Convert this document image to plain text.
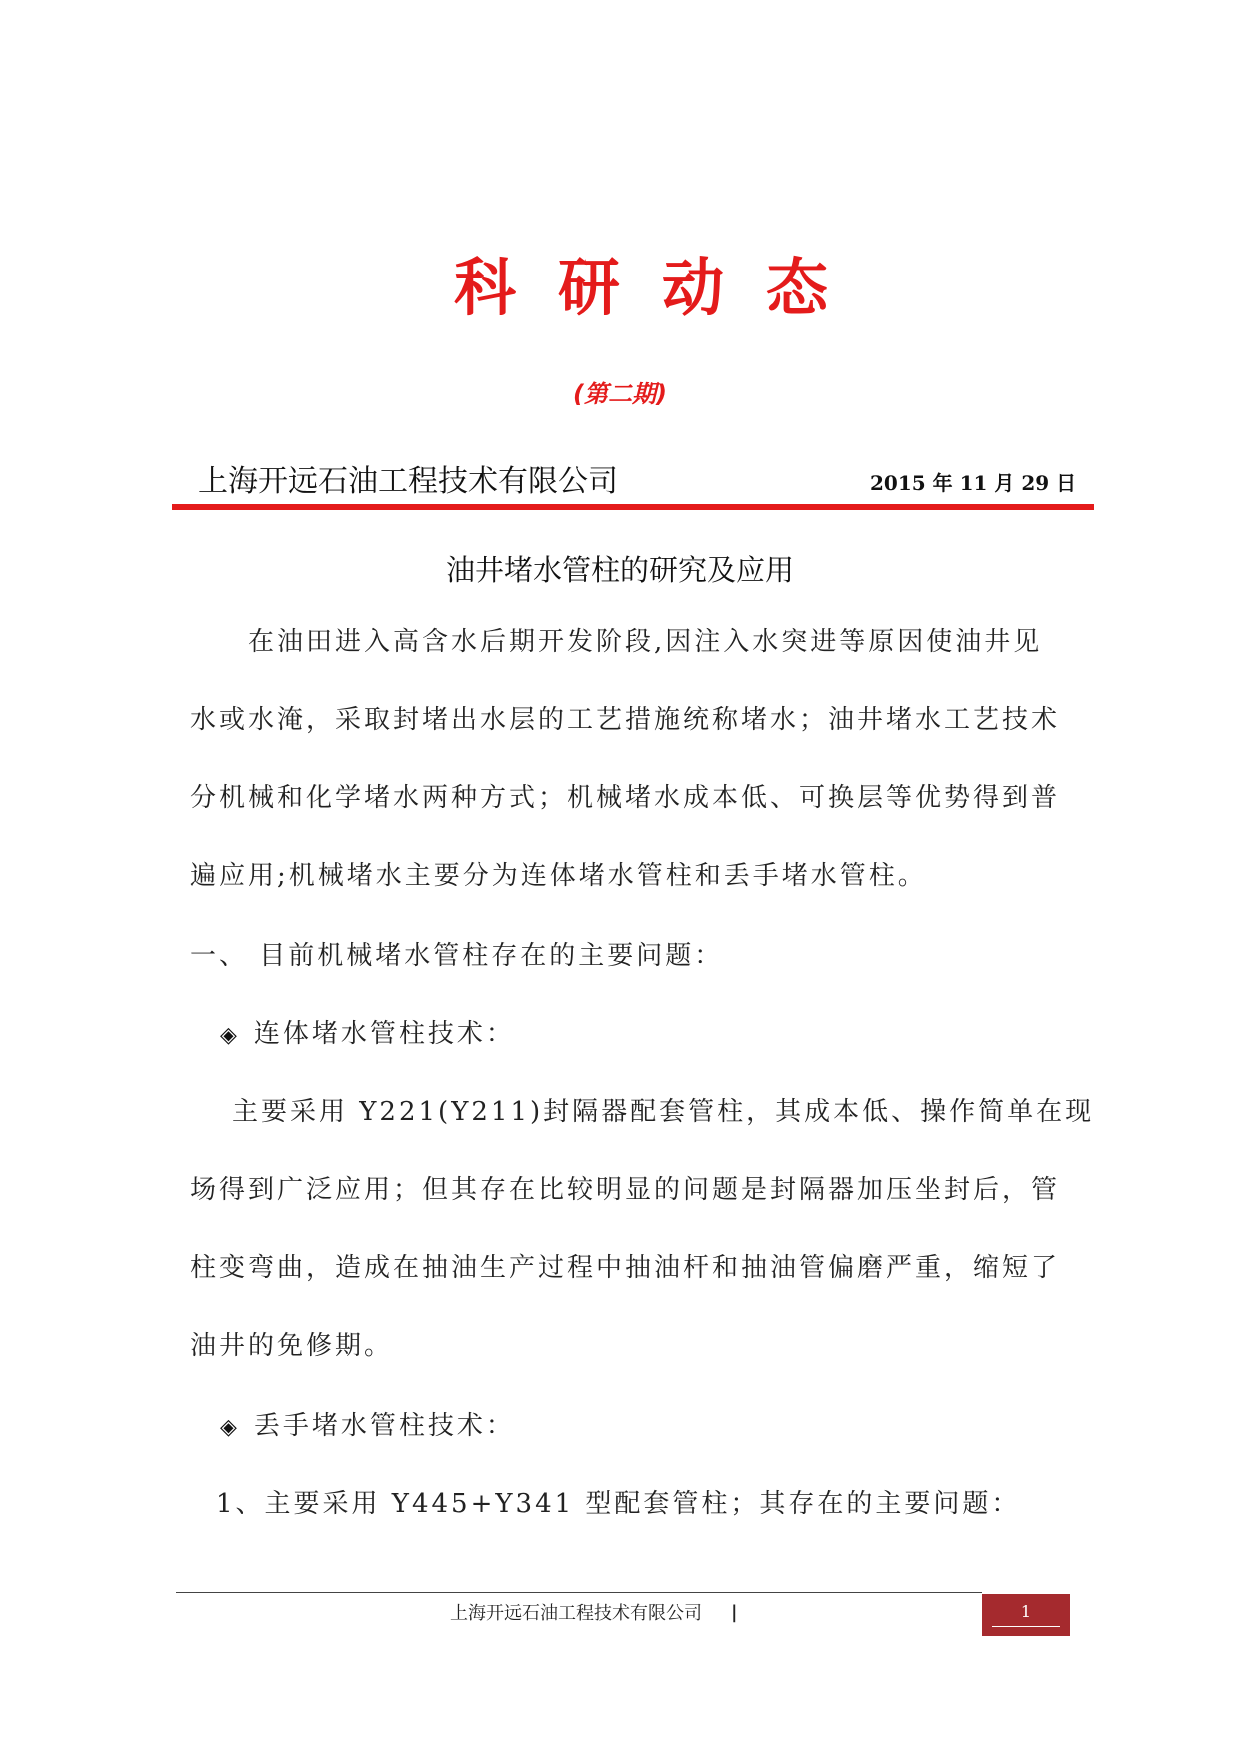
科研动态
(第二期)
上海开远石油工程技术有限公司	2015 年 11 月 29 日
油井堵水管柱的研究及应用
在油田进入高含水后期开发阶段,因注入水突进等原因使油井见
水或水淹，采取封堵出水层的工艺措施统称堵水；油井堵水工艺技术
分机械和化学堵水两种方式；机械堵水成本低、可换层等优势得到普
遍应用;机械堵水主要分为连体堵水管柱和丢手堵水管柱。
一、 目前机械堵水管柱存在的主要问题：
◈ 连体堵水管柱技术：
主要采用 Y221(Y211)封隔器配套管柱，其成本低、操作简单在现
场得到广泛应用；但其存在比较明显的问题是封隔器加压坐封后，管
柱变弯曲，造成在抽油生产过程中抽油杆和抽油管偏磨严重，缩短了
油井的免修期。
◈ 丢手堵水管柱技术：
1、主要采用 Y445+Y341 型配套管柱；其存在的主要问题：
上海开远石油工程技术有限公司 |	1
